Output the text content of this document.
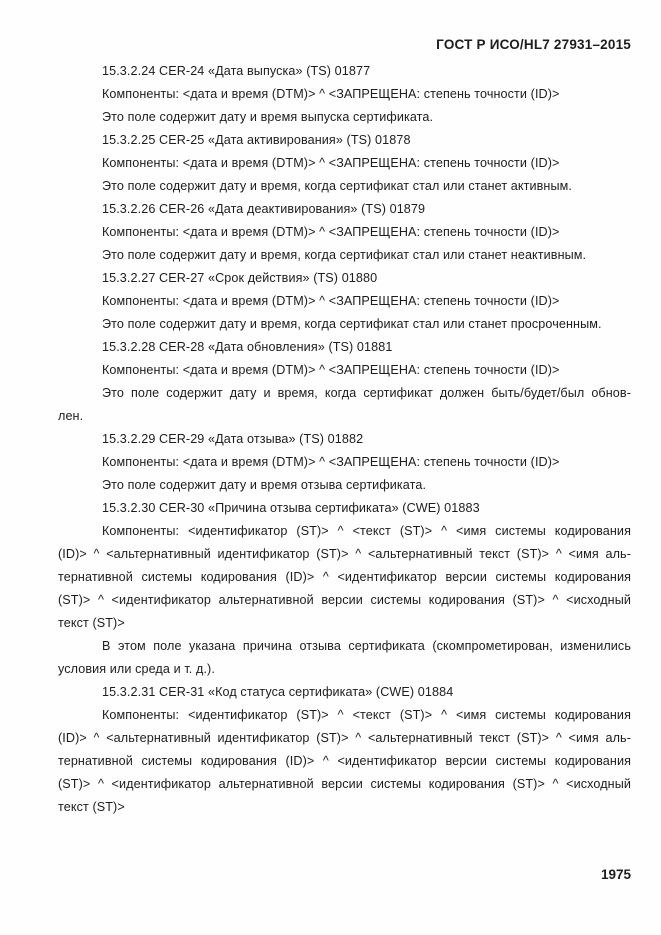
ГОСТ Р ИСО/HL7 27931–2015
15.3.2.24 CER-24 «Дата выпуска» (TS) 01877
Компоненты: <дата и время (DTM)> ^ <ЗАПРЕЩЕНА: степень точности (ID)>
Это поле содержит дату и время выпуска сертификата.
15.3.2.25 CER-25 «Дата активирования» (TS) 01878
Компоненты: <дата и время (DTM)> ^ <ЗАПРЕЩЕНА: степень точности (ID)>
Это поле содержит дату и время, когда сертификат стал или станет активным.
15.3.2.26 CER-26 «Дата деактивирования» (TS) 01879
Компоненты: <дата и время (DTM)> ^ <ЗАПРЕЩЕНА: степень точности (ID)>
Это поле содержит дату и время, когда сертификат стал или станет неактивным.
15.3.2.27 CER-27 «Срок действия» (TS) 01880
Компоненты: <дата и время (DTM)> ^ <ЗАПРЕЩЕНА: степень точности (ID)>
Это поле содержит дату и время, когда сертификат стал или станет просроченным.
15.3.2.28 CER-28 «Дата обновления» (TS) 01881
Компоненты: <дата и время (DTM)> ^ <ЗАПРЕЩЕНА: степень точности (ID)>
Это поле содержит дату и время, когда сертификат должен быть/будет/был обнов-
лен.
15.3.2.29 CER-29 «Дата отзыва» (TS) 01882
Компоненты: <дата и время (DTM)> ^ <ЗАПРЕЩЕНА: степень точности (ID)>
Это поле содержит дату и время отзыва сертификата.
15.3.2.30 CER-30 «Причина отзыва сертификата» (CWE) 01883
Компоненты: <идентификатор (ST)> ^ <текст (ST)> ^ <имя системы кодирования
(ID)> ^ <альтернативный идентификатор (ST)> ^ <альтернативный текст (ST)> ^ <имя аль-
тернативной системы кодирования (ID)> ^ <идентификатор версии системы кодирования
(ST)> ^ <идентификатор альтернативной версии системы кодирования (ST)> ^ <исходный
текст (ST)>
В этом поле указана причина отзыва сертификата (скомпрометирован, изменились
условия или среда и т. д.).
15.3.2.31 CER-31 «Код статуса сертификата» (CWE) 01884
Компоненты: <идентификатор (ST)> ^ <текст (ST)> ^ <имя системы кодирования
(ID)> ^ <альтернативный идентификатор (ST)> ^ <альтернативный текст (ST)> ^ <имя аль-
тернативной системы кодирования (ID)> ^ <идентификатор версии системы кодирования
(ST)> ^ <идентификатор альтернативной версии системы кодирования (ST)> ^ <исходный
текст (ST)>
1975
